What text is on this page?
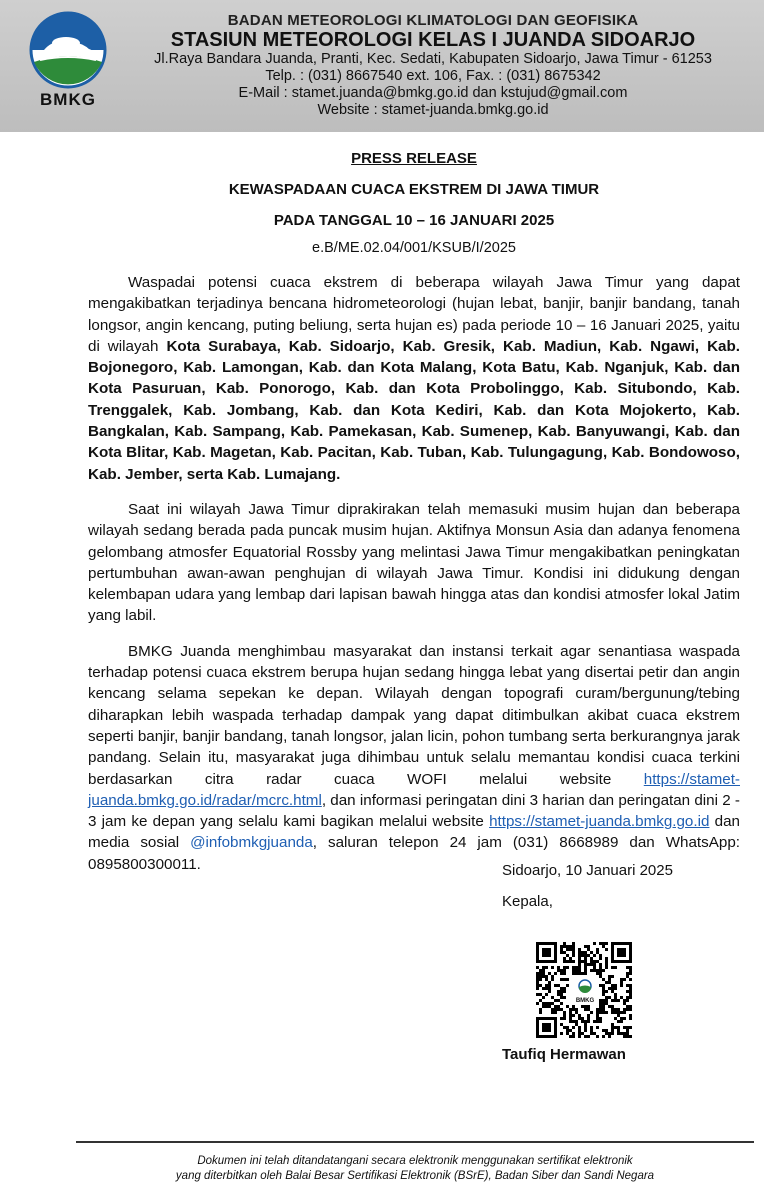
BMKG
BADAN METEOROLOGI KLIMATOLOGI DAN GEOFISIKA
STASIUN METEOROLOGI KELAS I JUANDA SIDOARJO
Jl.Raya Bandara Juanda, Pranti, Kec. Sedati, Kabupaten Sidoarjo, Jawa Timur - 61253
Telp. : (031) 8667540 ext. 106, Fax. : (031) 8675342
E-Mail : stamet.juanda@bmkg.go.id dan kstujud@gmail.com
Website : stamet-juanda.bmkg.go.id
PRESS RELEASE
KEWASPADAAN CUACA EKSTREM DI JAWA TIMUR
PADA TANGGAL 10 – 16 JANUARI 2025
e.B/ME.02.04/001/KSUB/I/2025

Waspadai potensi cuaca ekstrem di beberapa wilayah Jawa Timur yang dapat mengakibatkan terjadinya bencana hidrometeorologi (hujan lebat, banjir, banjir bandang, tanah longsor, angin kencang, puting beliung, serta hujan es) pada periode 10 – 16 Januari 2025, yaitu di wilayah Kota Surabaya, Kab. Sidoarjo, Kab. Gresik, Kab. Madiun, Kab. Ngawi, Kab. Bojonegoro, Kab. Lamongan, Kab. dan Kota Malang, Kota Batu, Kab. Nganjuk, Kab. dan Kota Pasuruan, Kab. Ponorogo, Kab. dan Kota Probolinggo, Kab. Situbondo, Kab. Trenggalek, Kab. Jombang, Kab. dan Kota Kediri, Kab. dan Kota Mojokerto, Kab. Bangkalan, Kab. Sampang, Kab. Pamekasan, Kab. Sumenep, Kab. Banyuwangi, Kab. dan Kota Blitar, Kab. Magetan, Kab. Pacitan, Kab. Tuban, Kab. Tulungagung, Kab. Bondowoso, Kab. Jember, serta Kab. Lumajang.

Saat ini wilayah Jawa Timur diprakirakan telah memasuki musim hujan dan beberapa wilayah sedang berada pada puncak musim hujan. Aktifnya Monsun Asia dan adanya fenomena gelombang atmosfer Equatorial Rossby yang melintasi Jawa Timur mengakibatkan peningkatan pertumbuhan awan-awan penghujan di wilayah Jawa Timur. Kondisi ini didukung dengan kelembapan udara yang lembap dari lapisan bawah hingga atas dan kondisi atmosfer lokal Jatim yang labil.

BMKG Juanda menghimbau masyarakat dan instansi terkait agar senantiasa waspada terhadap potensi cuaca ekstrem berupa hujan sedang hingga lebat yang disertai petir dan angin kencang selama sepekan ke depan. Wilayah dengan topografi curam/bergunung/tebing diharapkan lebih waspada terhadap dampak yang dapat ditimbulkan akibat cuaca ekstrem seperti banjir, banjir bandang, tanah longsor, jalan licin, pohon tumbang serta berkurangnya jarak pandang. Selain itu, masyarakat juga dihimbau untuk selalu memantau kondisi cuaca terkini berdasarkan citra radar cuaca WOFI melalui website https://stamet-juanda.bmkg.go.id/radar/mcrc.html, dan informasi peringatan dini 3 harian dan peringatan dini 2 - 3 jam ke depan yang selalu kami bagikan melalui website https://stamet-juanda.bmkg.go.id dan media sosial @infobmkgjuanda, saluran telepon 24 jam (031) 8668989 dan WhatsApp: 0895800300011.	Sidoarjo, 10 Januari 2025
Kepala,
BMKG
Taufiq Hermawan
Dokumen ini telah ditandatangani secara elektronik menggunakan sertifikat elektronik
yang diterbitkan oleh Balai Besar Sertifikasi Elektronik (BSrE), Badan Siber dan Sandi Negara
